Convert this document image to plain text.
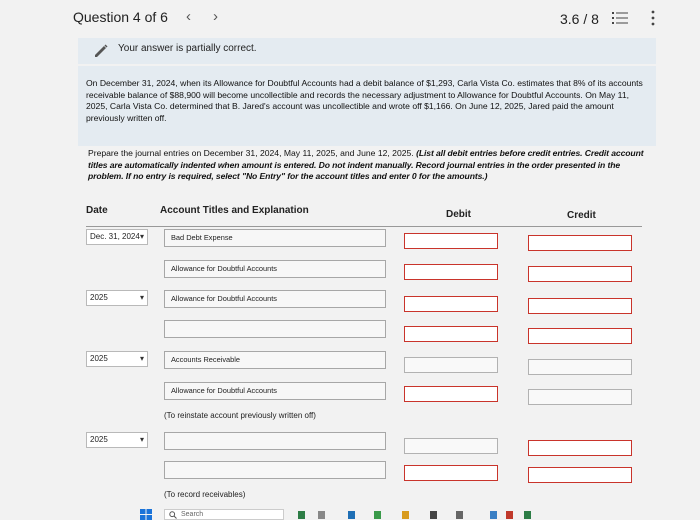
Question 4 of 6 ‹ ›	3.6 / 8
Your answer is partially correct.
On December 31, 2024, when its Allowance for Doubtful Accounts had a debit balance of $1,293, Carla Vista Co. estimates that 8% of its accounts receivable balance of $88,900 will become uncollectible and records the necessary adjustment to Allowance for Doubtful Accounts. On May 11, 2025, Carla Vista Co. determined that B. Jared's account was uncollectible and wrote off $1,166. On June 12, 2025, Jared paid the amount previously written off.
Prepare the journal entries on December 31, 2024, May 11, 2025, and June 12, 2025. (List all debit entries before credit entries. Credit account titles are automatically indented when amount is entered. Do not indent manually. Record journal entries in the order presented in the problem. If no entry is required, select "No Entry" for the account titles and enter 0 for the amounts.)
Date	Account Titles and Explanation	Debit	Credit
Dec. 31, 2024 ▾	Bad Debt Expense
Allowance for Doubtful Accounts
2025	▾	Allowance for Doubtful Accounts
2025	▾	Accounts Receivable
Allowance for Doubtful Accounts
(To reinstate account previously written off)
2025	▾
(To record receivables)
Search
